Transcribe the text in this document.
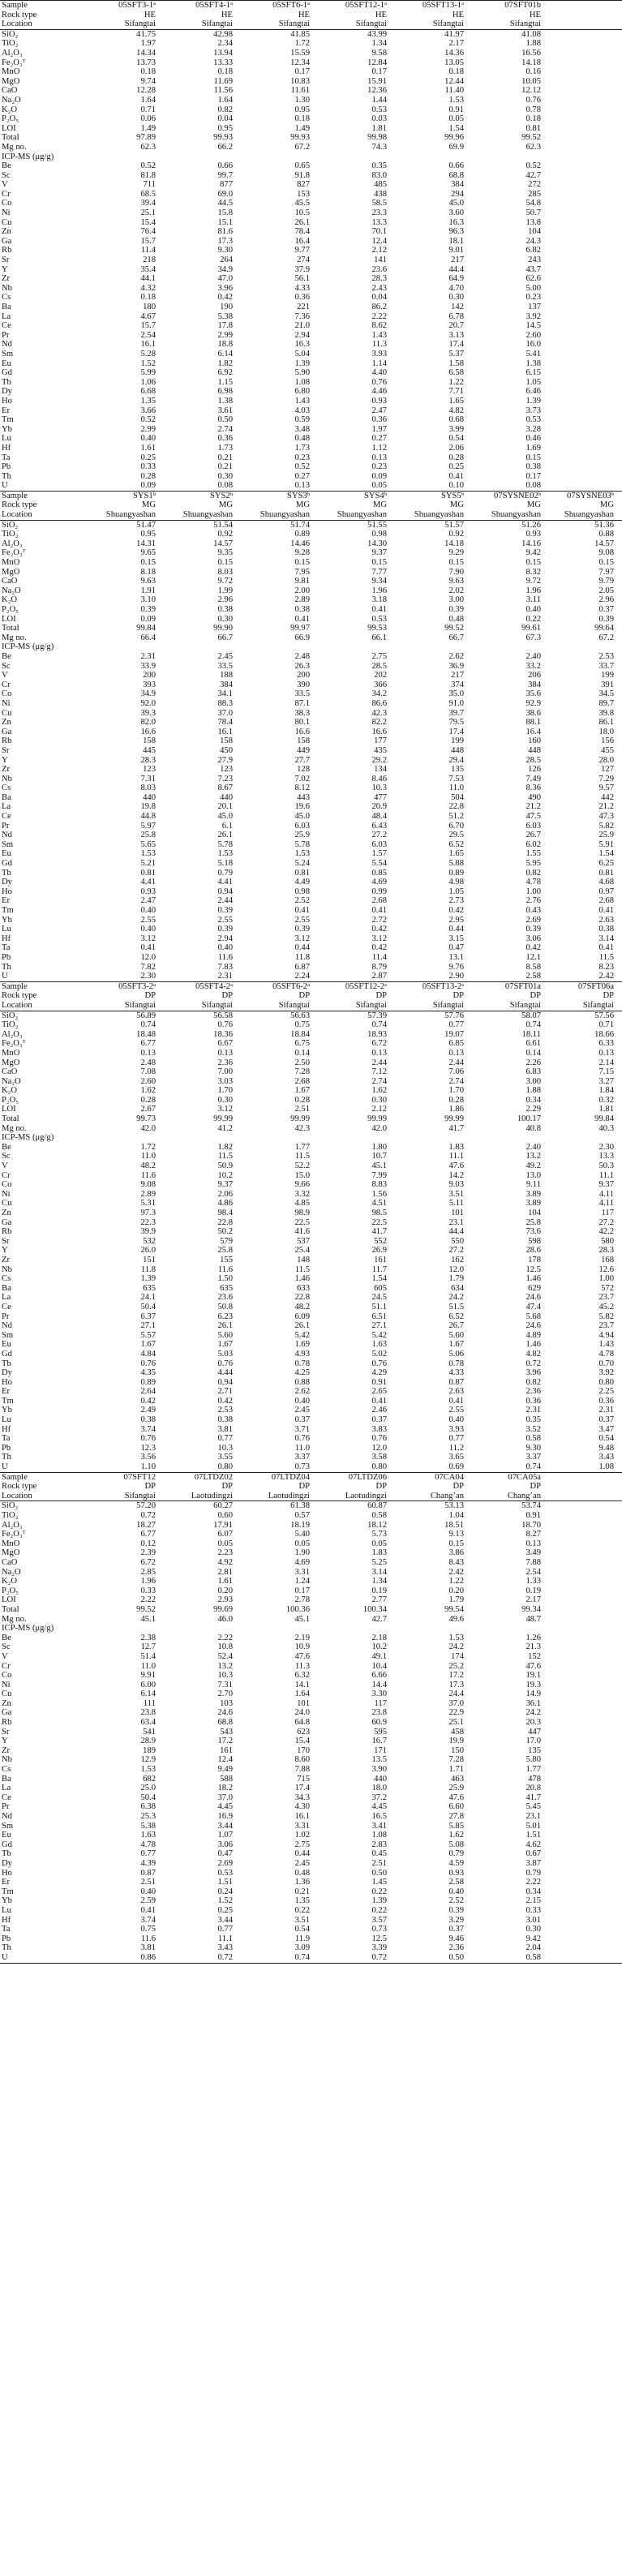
Sample	05SFT3-1ᵃ	05SFT4-1ᵃ	05SFT6-1ᵃ	05SFT12-1ᵃ	05SFT13-1ᵃ	07SFT01b	
Rock type	HE	HE	HE	HE	HE	HE	
Location	Sifangtai	Sifangtai	Sifangtai	Sifangtai	Sifangtai	Sifangtai	
SiO₂	41.75	42.98	41.85	43.99	41.97	41.08	
TiO₂	1.97	2.34	1.72	1.34	2.17	1.88	
Al₂O₃	14.34	13.94	15.59	9.58	14.36	16.56	
Fe₂O₃ᵀ	13.73	13.33	12.34	12.84	13.05	14.18	
MnO	0.18	0.18	0.17	0.17	0.18	0.16	
MgO	9.74	11.69	10.83	15.91	12.44	10.05	
CaO	12.28	11.56	11.61	12.36	11.40	12.12	
Na₂O	1.64	1.64	1.30	1.44	1.53	0.76	
K₂O	0.71	0.82	0.95	0.53	0.91	0.78	
P₂O₅	0.06	0.04	0.18	0.03	0.05	0.18	
LOI	1.49	0.95	1.49	1.81	1.54	0.81	
Total	97.89	99.93	99.93	99.98	99.96	99.52	
Mg no.	62.3	66.2	67.2	74.3	69.9	62.3	
ICP-MS (μg/g)							
Be	0.52	0.66	0.65	0.35	0.66	0.52	
Sc	81.8	99.7	91.8	83.0	68.8	42.7	
V	711	877	827	485	384	272	
Cr	68.5	69.0	153	438	294	285	
Co	39.4	44.5	45.5	58.5	45.0	54.8	
Ni	25.1	15.8	10.5	23.3	3.60	50.7	
Cu	15.4	15.1	26.1	13.3	16.3	13.8	
Zn	76.4	81.6	78.4	70.1	96.3	104	
Ga	15.7	17.3	16.4	12.4	18.1	24.3	
Rb	11.4	9.30	9.77	2.12	9.01	6.82	
Sr	218	264	274	141	217	243	
Y	35.4	34.9	37.9	23.6	44.4	43.7	
Zr	44.1	47.0	56.1	28.3	64.9	62.6	
Nb	4.32	3.96	4.33	2.43	4.70	5.00	
Cs	0.18	0.42	0.36	0.04	0.30	0.23	
Ba	180	190	221	86.2	142	137	
La	4.67	5.38	7.36	2.22	6.78	3.92	
Ce	15.7	17.8	21.0	8.62	20.7	14.5	
Pr	2.54	2.99	2.94	1.43	3.13	2.60	
Nd	16.1	18.8	16.3	11.3	17.4	16.0	
Sm	5.28	6.14	5.04	3.93	5.37	5.41	
Eu	1.52	1.82	1.39	1.14	1.58	1.38	
Gd	5.99	6.92	5.90	4.40	6.58	6.15	
Tb	1.06	1.15	1.08	0.76	1.22	1.05	
Dy	6.68	6.98	6.80	4.46	7.71	6.46	
Ho	1.35	1.38	1.43	0.93	1.65	1.39	
Er	3.66	3.61	4.03	2.47	4.82	3.73	
Tm	0.52	0.50	0.59	0.36	0.68	0.53	
Yb	2.99	2.74	3.48	1.97	3.99	3.28	
Lu	0.40	0.36	0.48	0.27	0.54	0.46	
Hf	1.61	1.73	1.73	1.12	2.06	1.69	
Ta	0.25	0.21	0.23	0.13	0.28	0.15	
Pb	0.33	0.21	0.52	0.23	0.25	0.38	
Th	0.28	0.30	0.27	0.09	0.41	0.17	
U	0.09	0.08	0.13	0.05	0.10	0.08	
Sample	SYS1ᵇ	SYS2ᵇ	SYS3ᵇ	SYS4ᵇ	SYS5ᵇ	07SYSNE02ᵇ	07SYSNE03ᵇ
Rock type	MG	MG	MG	MG	MG	MG	MG
Location	Shuangyashan	Shuangyashan	Shuangyashan	Shuangyashan	Shuangyashan	Shuangyashan	Shuangyashan
SiO₂	51.47	51.54	51.74	51.55	51.57	51.26	51.36
TiO₂	0.95	0.92	0.89	0.98	0.92	0.93	0.88
Al₂O₃	14.31	14.57	14.46	14.30	14.18	14.16	14.57
Fe₂O₃ᵀ	9.65	9.35	9.28	9.37	9.29	9.42	9.08
MnO	0.15	0.15	0.15	0.15	0.15	0.15	0.15
MgO	8.18	8.03	7.95	7.77	7.90	8.32	7.97
CaO	9.63	9.72	9.81	9.34	9.63	9.72	9.79
Na₂O	1.91	1.99	2.00	1.96	2.02	1.96	2.05
K₂O	3.10	2.96	2.89	3.18	3.00	3.11	2.96
P₂O₅	0.39	0.38	0.38	0.41	0.39	0.40	0.37
LOI	0.09	0.30	0.41	0.53	0.48	0.22	0.39
Total	99.84	99.90	99.97	99.53	99.52	99.61	99.64
Mg no.	66.4	66.7	66.9	66.1	66.7	67.3	67.2
ICP-MS (μg/g)							
Be	2.31	2.45	2.48	2.75	2.62	2.40	2.53
Sc	33.9	33.5	26.3	28.5	36.9	33.2	33.7
V	200	188	200	202	217	206	199
Cr	393	384	390	366	374	384	391
Co	34.9	34.1	33.5	34.2	35.0	35.6	34.5
Ni	92.0	88.3	87.1	86.6	91.0	92.9	89.7
Cu	39.3	37.0	38.3	42.3	39.7	38.6	39.8
Zn	82.0	78.4	80.1	82.2	79.5	88.1	86.1
Ga	16.6	16.1	16.6	16.6	17.4	16.4	18.0
Rb	158	158	158	177	199	160	156
Sr	445	450	449	435	448	448	455
Y	28.3	27.9	27.7	29.2	29.4	28.5	28.0
Zr	123	123	128	134	135	126	127
Nb	7.31	7.23	7.02	8.46	7.53	7.49	7.29
Cs	8.03	8.67	8.12	10.3	11.0	8.36	9.57
Ba	440	440	443	477	504	490	442
La	19.8	20.1	19.6	20.9	22.8	21.2	21.2
Ce	44.8	45.0	45.0	48.4	51.2	47.5	47.3
Pr	5.97	6.1	6.03	6.43	6.70	6.03	5.82
Nd	25.8	26.1	25.9	27.2	29.5	26.7	25.9
Sm	5.65	5.78	5.78	6.03	6.52	6.02	5.91
Eu	1.53	1.53	1.53	1.57	1.65	1.55	1.54
Gd	5.21	5.18	5.24	5.54	5.88	5.95	6.25
Tb	0.81	0.79	0.81	0.85	0.89	0.82	0.81
Dy	4.41	4.41	4.49	4.69	4.98	4.78	4.68
Ho	0.93	0.94	0.98	0.99	1.05	1.00	0.97
Er	2.47	2.44	2.52	2.68	2.73	2.76	2.68
Tm	0.40	0.39	0.41	0.41	0.42	0.43	0.41
Yb	2.55	2.55	2.55	2.72	2.95	2.69	2.63
Lu	0.40	0.39	0.39	0.42	0.44	0.39	0.38
Hf	3.12	2.94	3.12	3.12	3.15	3.06	3.14
Ta	0.41	0.40	0.44	0.42	0.47	0.42	0.41
Pb	12.0	11.6	11.8	11.4	13.1	12.1	11.5
Th	7.82	7.83	6.87	8.79	9.76	8.58	8.23
U	2.30	2.31	2.24	2.87	2.90	2.58	2.42
Sample	05SFT3-2ᵃ	05SFT4-2ᵃ	05SFT6-2ᵃ	05SFT12-2ᵃ	05SFT13-2ᵃ	07SFT01a	07SFT06a
Rock type	DP	DP	DP	DP	DP	DP	DP
Location	Sifangtai	Sifangtai	Sifangtai	Sifangtai	Sifangtai	Sifangtai	Sifangtai
SiO₂	56.89	56.58	56.63	57.39	57.76	58.07	57.56
TiO₂	0.74	0.76	0.75	0.74	0.77	0.74	0.71
Al₂O₃	18.48	18.36	18.84	18.93	19.07	18.11	18.66
Fe₂O₃ᵀ	6.77	6.67	6.75	6.72	6.85	6.61	6.33
MnO	0.13	0.13	0.14	0.13	0.13	0.14	0.13
MgO	2.48	2.36	2.50	2.44	2.44	2.26	2.14
CaO	7.08	7.00	7.28	7.12	7.06	6.83	7.15
Na₂O	2.60	3.03	2.68	2.74	2.74	3.00	3.27
K₂O	1.62	1.70	1.67	1.62	1.70	1.88	1.84
P₂O₅	0.28	0.30	0.28	0.30	0.28	0.34	0.32
LOI	2.67	3.12	2.51	2.12	1.86	2.29	1.81
Total	99.73	99.99	99.99	99.99	99.99	100.17	99.84
Mg no.	42.0	41.2	42.3	42.0	41.7	40.8	40.3
ICP-MS (μg/g)							
Be	1.72	1.82	1.77	1.80	1.83	2.40	2.30
Sc	11.0	11.5	11.5	10.7	11.1	13.2	13.3
V	48.2	50.9	52.2	45.1	47.6	49.2	50.3
Cr	11.6	10.2	15.0	7.99	14.2	13.0	11.1
Co	9.08	9.37	9.66	8.83	9.03	9.11	9.37
Ni	2.89	2.06	3.32	1.56	3.51	3.89	4.11
Cu	5.31	4.86	4.85	4.51	5.11	3.89	4.11
Zn	97.3	98.4	98.9	98.5	101	104	117
Ga	22.3	22.8	22.5	22.5	23.1	25.8	27.2
Rb	39.9	50.2	41.6	41.7	44.4	73.6	42.2
Sr	532	579	537	552	550	598	580
Y	26.0	25.8	25.4	26.9	27.2	28.6	28.3
Zr	151	155	148	161	162	178	168
Nb	11.8	11.6	11.5	11.7	12.0	12.5	12.6
Cs	1.39	1.50	1.46	1.54	1.79	1.46	1.00
Ba	635	635	633	605	634	629	572
La	24.1	23.6	22.8	24.5	24.2	24.6	23.7
Ce	50.4	50.8	48.2	51.1	51.5	47.4	45.2
Pr	6.37	6.23	6.09	6.51	6.52	5.68	5.82
Nd	27.1	26.1	26.1	27.1	26.7	24.6	23.7
Sm	5.57	5.60	5.42	5.42	5.60	4.89	4.94
Eu	1.67	1.67	1.69	1.63	1.67	1.46	1.43
Gd	4.84	5.03	4.93	5.02	5.06	4.82	4.78
Tb	0.76	0.76	0.78	0.76	0.78	0.72	0.70
Dy	4.35	4.44	4.25	4.29	4.33	3.96	3.92
Ho	0.89	0.94	0.88	0.91	0.87	0.82	0.80
Er	2.64	2.71	2.62	2.65	2.63	2.36	2.25
Tm	0.42	0.42	0.40	0.41	0.41	0.36	0.36
Yb	2.49	2.53	2.45	2.46	2.55	2.31	2.31
Lu	0.38	0.38	0.37	0.37	0.40	0.35	0.37
Hf	3.74	3.81	3.71	3.83	3.93	3.52	3.47
Ta	0.76	0.77	0.76	0.76	0.77	0.58	0.54
Pb	12.3	10.3	11.0	12.0	11.2	9.30	9.48
Th	3.56	3.55	3.37	3.58	3.65	3.37	3.43
U	1.10	0.80	0.73	0.80	0.69	0.74	1.08
Sample	07SFT12	07LTDZ02	07LTDZ04	07LTDZ06	07CA04	07CA05a	
Rock type	DP	DP	DP	DP	DP	DP	
Location	Sifangtai	Laotudingzi	Laotudingzi	Laotudingzi	Chang’an	Chang’an	
SiO₂	57.20	60.27	61.38	60.87	53.13	53.74	
TiO₂	0.72	0.60	0.57	0.58	1.04	0.91	
Al₂O₃	18.27	17.91	18.19	18.12	18.51	18.70	
Fe₂O₃ᵀ	6.77	6.07	5.40	5.73	9.13	8.27	
MnO	0.12	0.05	0.05	0.05	0.15	0.13	
MgO	2.39	2.23	1.90	1.83	3.86	3.49	
CaO	6.72	4.92	4.69	5.25	8.43	7.88	
Na₂O	2.85	2.81	3.31	3.14	2.42	2.54	
K₂O	1.96	1.61	1.24	1.34	1.22	1.33	
P₂O₅	0.33	0.20	0.17	0.19	0.20	0.19	
LOI	2.22	2.93	2.78	2.77	1.79	2.17	
Total	99.52	99.69	100.36	100.34	99.54	99.34	
Mg no.	45.1	46.0	45.1	42.7	49.6	48.7	
ICP-MS (μg/g)							
Be	2.38	2.22	2.19	2.18	1.53	1.26	
Sc	12.7	10.8	10.9	10.2	24.2	21.3	
V	51.4	52.4	47.6	49.1	174	152	
Cr	11.0	13.2	11.3	10.4	25.2	47.6	
Co	9.91	10.3	6.32	6.66	17.2	19.1	
Ni	6.00	7.31	14.1	14.4	17.3	19.3	
Cu	6.14	2.70	1.64	3.30	24.4	14.9	
Zn	111	103	101	117	37.0	36.1	
Ga	23.8	24.6	24.0	23.8	22.9	24.2	
Rb	63.4	68.8	64.8	60.9	25.1	20.3	
Sr	541	543	623	595	458	447	
Y	28.9	17.2	15.4	16.7	19.9	17.0	
Zr	189	161	170	171	150	135	
Nb	12.9	12.4	8.60	13.5	7.28	5.80	
Cs	1.53	9.49	7.88	3.90	1.71	1.77	
Ba	682	588	715	440	463	478	
La	25.0	18.2	17.4	18.0	25.9	20.8	
Ce	50.4	37.0	34.3	37.2	47.6	41.7	
Pr	6.38	4.45	4.30	4.45	6.60	5.45	
Nd	25.3	16.9	16.1	16.5	27.8	23.1	
Sm	5.38	3.44	3.31	3.41	5.85	5.01	
Eu	1.63	1.07	1.02	1.08	1.62	1.51	
Gd	4.78	3.06	2.75	2.83	5.08	4.62	
Tb	0.77	0.47	0.44	0.45	0.79	0.67	
Dy	4.39	2.69	2.45	2.51	4.59	3.87	
Ho	0.87	0.53	0.48	0.50	0.93	0.79	
Er	2.51	1.51	1.36	1.45	2.58	2.22	
Tm	0.40	0.24	0.21	0.22	0.40	0.34	
Yb	2.59	1.52	1.35	1.39	2.52	2.15	
Lu	0.41	0.25	0.22	0.22	0.39	0.33	
Hf	3.74	3.44	3.51	3.57	3.29	3.01	
Ta	0.75	0.77	0.54	0.73	0.37	0.30	
Pb	11.6	11.1	11.9	12.5	9.46	9.42	
Th	3.81	3.43	3.09	3.39	2.36	2.04	
U	0.86	0.72	0.74	0.72	0.50	0.58	
